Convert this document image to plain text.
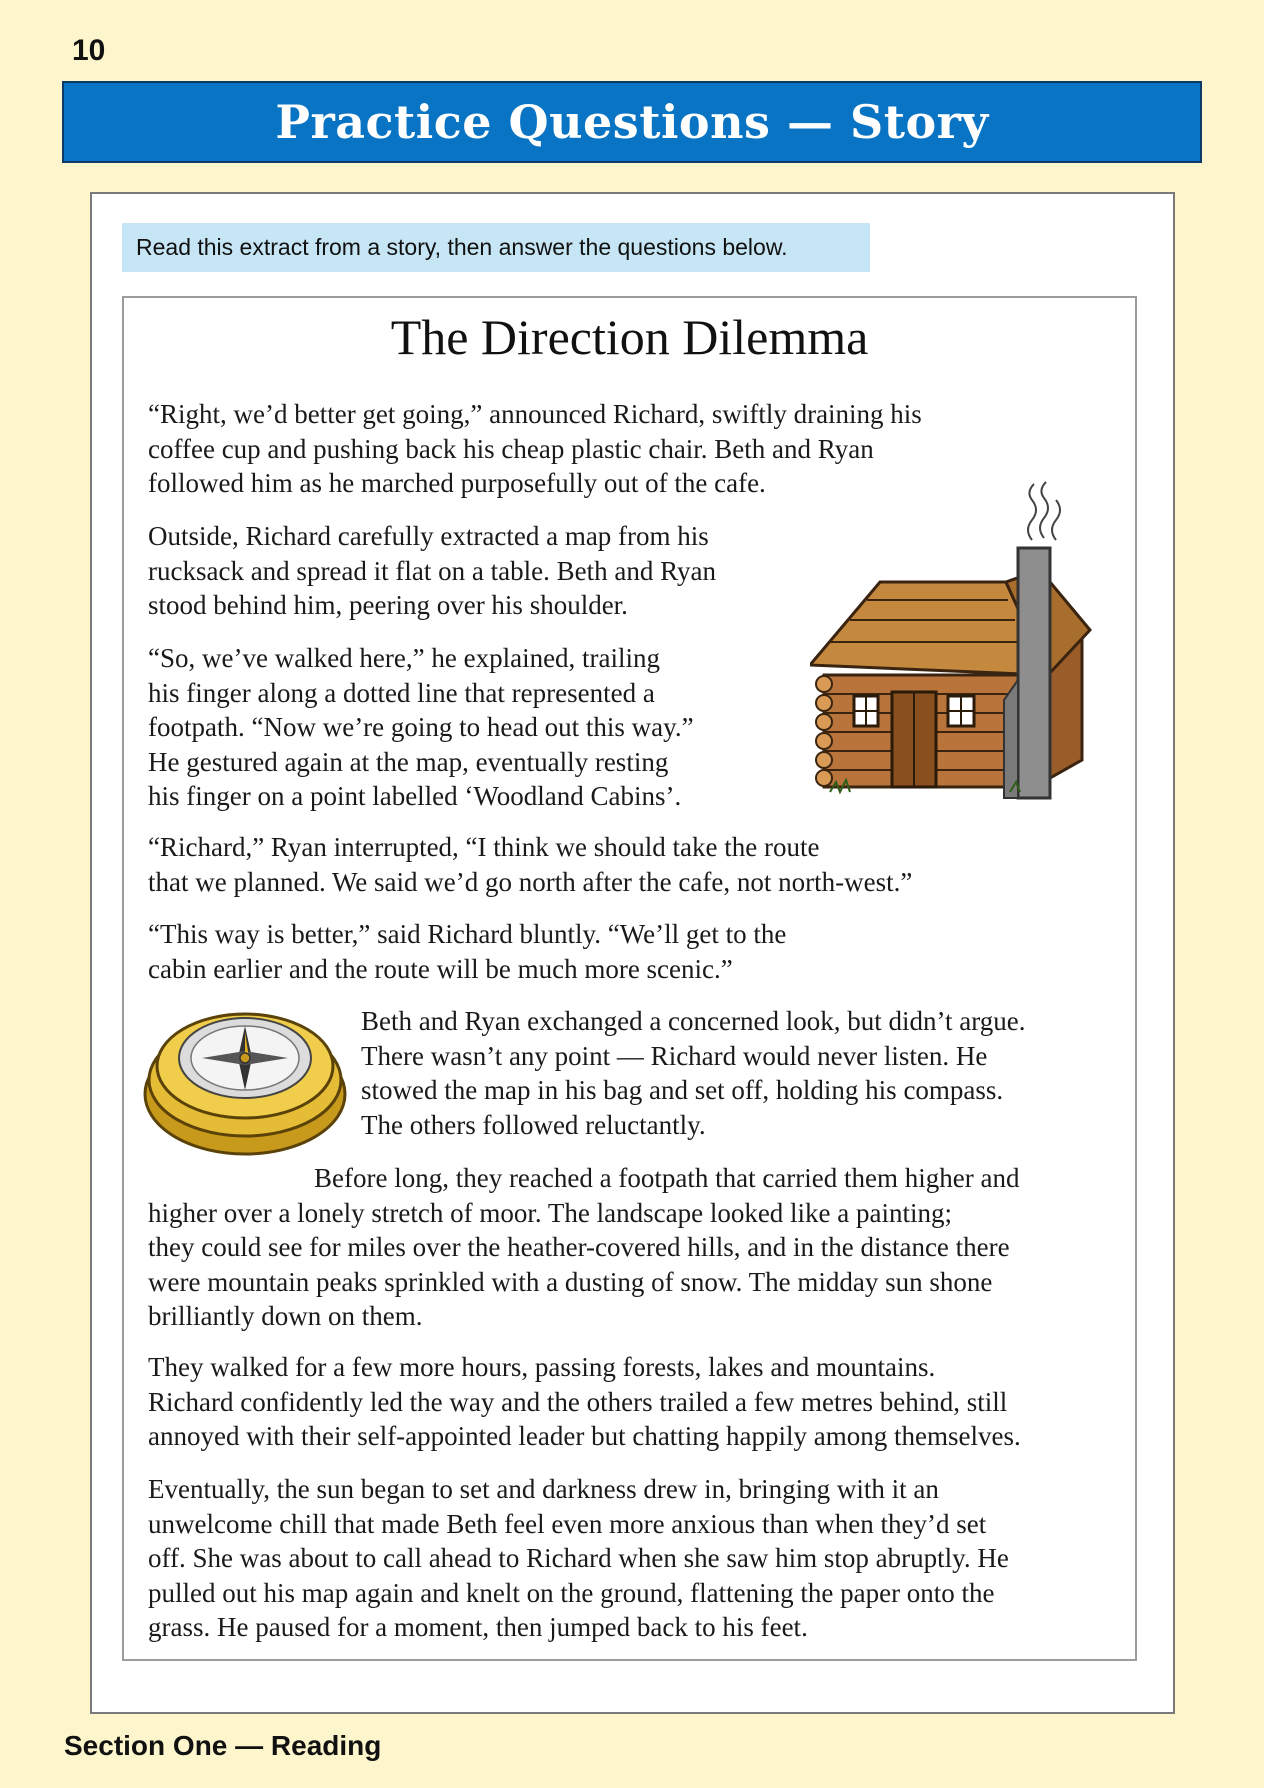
10
Practice Questions — Story
Read this extract from a story, then answer the questions below.
The Direction Dilemma
“Right, we’d better get going,” announced Richard, swiftly draining his
coffee cup and pushing back his cheap plastic chair. Beth and Ryan
followed him as he marched purposefully out of the cafe.
Outside, Richard carefully extracted a map from his
rucksack and spread it flat on a table. Beth and Ryan
stood behind him, peering over his shoulder.
“So, we’ve walked here,” he explained, trailing
his finger along a dotted line that represented a
footpath. “Now we’re going to head out this way.”
He gestured again at the map, eventually resting
his finger on a point labelled ‘Woodland Cabins’.
“Richard,” Ryan interrupted, “I think we should take the route
that we planned. We said we’d go north after the cafe, not north-west.”
“This way is better,” said Richard bluntly. “We’ll get to the
cabin earlier and the route will be much more scenic.”
Beth and Ryan exchanged a concerned look, but didn’t argue.
There wasn’t any point — Richard would never listen. He
stowed the map in his bag and set off, holding his compass.
The others followed reluctantly.
Before long, they reached a footpath that carried them higher and
higher over a lonely stretch of moor. The landscape looked like a painting;
they could see for miles over the heather-covered hills, and in the distance there
were mountain peaks sprinkled with a dusting of snow. The midday sun shone
brilliantly down on them.
They walked for a few more hours, passing forests, lakes and mountains.
Richard confidently led the way and the others trailed a few metres behind, still
annoyed with their self-appointed leader but chatting happily among themselves.
Eventually, the sun began to set and darkness drew in, bringing with it an
unwelcome chill that made Beth feel even more anxious than when they’d set
off. She was about to call ahead to Richard when she saw him stop abruptly. He
pulled out his map again and knelt on the ground, flattening the paper onto the
grass. He paused for a moment, then jumped back to his feet.
Section One — Reading
